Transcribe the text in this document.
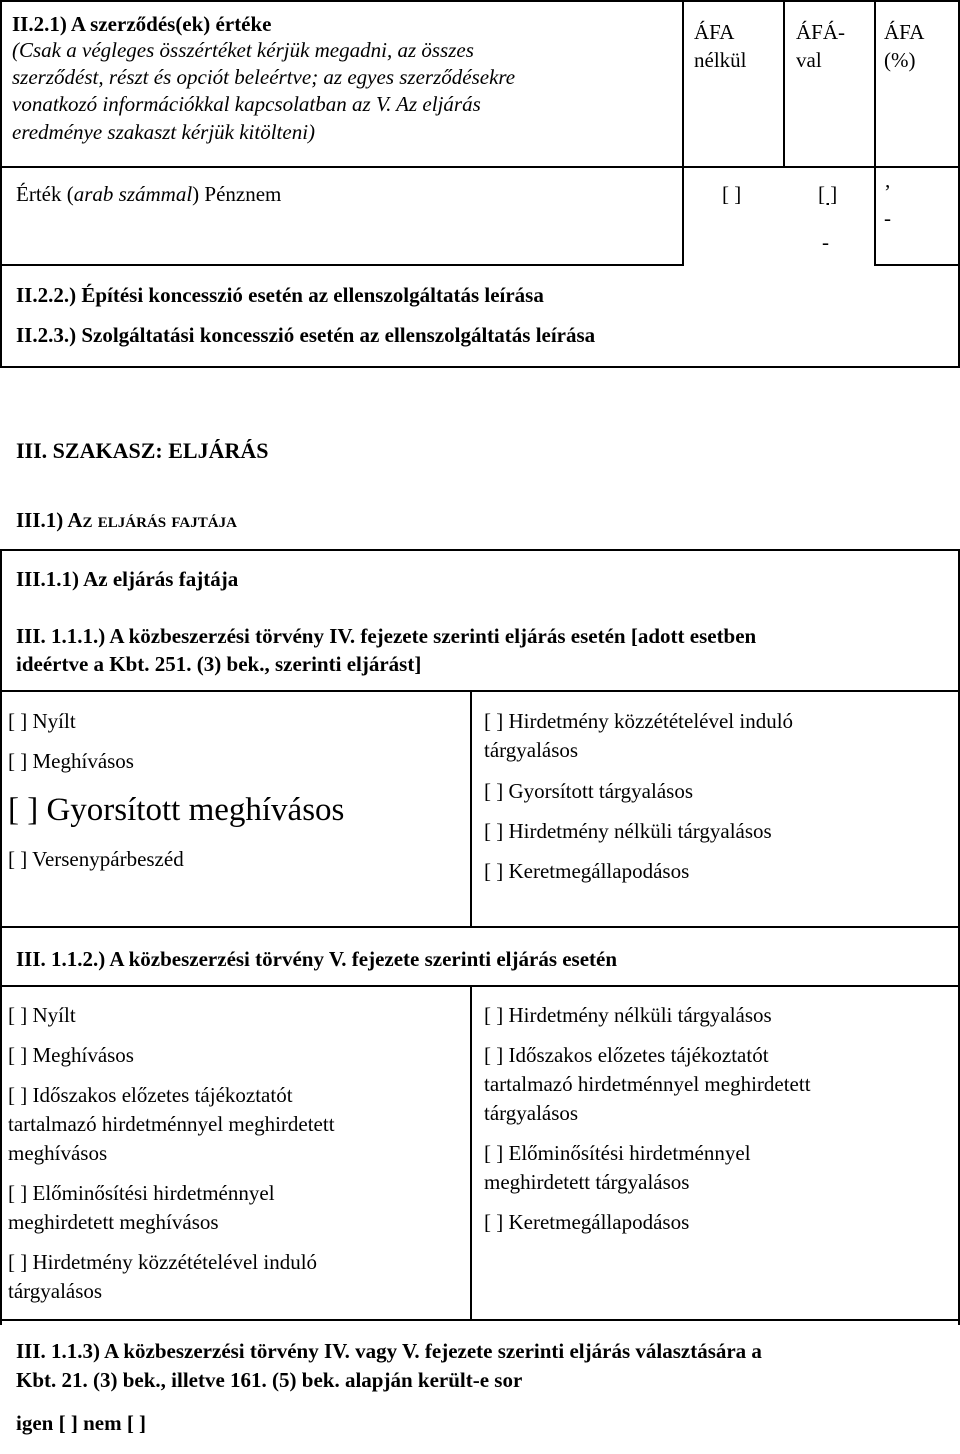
II.2.1) A szerződés(ek) értéke
(Csak a végleges összértéket kérjük megadni, az összes
szerződést, részt és opciót beleértve; az egyes szerződésekre
vonatkozó információkkal kapcsolatban az V. Az eljárás
eredménye szakaszt kérjük kitölteni)
ÁFA
nélkül
ÁFÁ-
val
ÁFA
(%)
Érték (arab számmal) Pénznem	[ ]	[ ]
-
’
-
II.2.2.) Építési koncesszió esetén az ellenszolgáltatás leírása
II.2.3.) Szolgáltatási koncesszió esetén az ellenszolgáltatás leírása
III. SZAKASZ: ELJÁRÁS
III.1) Az eljárás fajtája
III.1.1) Az eljárás fajtája
III. 1.1.1.) A közbeszerzési törvény IV. fejezete szerinti eljárás esetén [adott esetben
ideértve a Kbt. 251. (3) bek., szerinti eljárást]
[ ] Nyílt
[ ] Meghívásos
[ ] Gyorsított meghívásos
[ ] Versenypárbeszéd
[ ] Hirdetmény közzétételével induló
tárgyalásos
[ ] Gyorsított tárgyalásos
[ ] Hirdetmény nélküli tárgyalásos
[ ] Keretmegállapodásos
III. 1.1.2.) A közbeszerzési törvény V. fejezete szerinti eljárás esetén
[ ] Nyílt
[ ] Meghívásos
[ ] Időszakos előzetes tájékoztatót
tartalmazó hirdetménnyel meghirdetett
meghívásos
[ ] Előminősítési hirdetménnyel
meghirdetett meghívásos
[ ] Hirdetmény közzétételével induló
tárgyalásos
[ ] Hirdetmény nélküli tárgyalásos
[ ] Időszakos előzetes tájékoztatót
tartalmazó hirdetménnyel meghirdetett
tárgyalásos
[ ] Előminősítési hirdetménnyel
meghirdetett tárgyalásos
[ ] Keretmegállapodásos
III. 1.1.3) A közbeszerzési törvény IV. vagy V. fejezete szerinti eljárás választására a
Kbt. 21. (3) bek., illetve 161. (5) bek. alapján került-e sor
igen [ ] nem [ ]
